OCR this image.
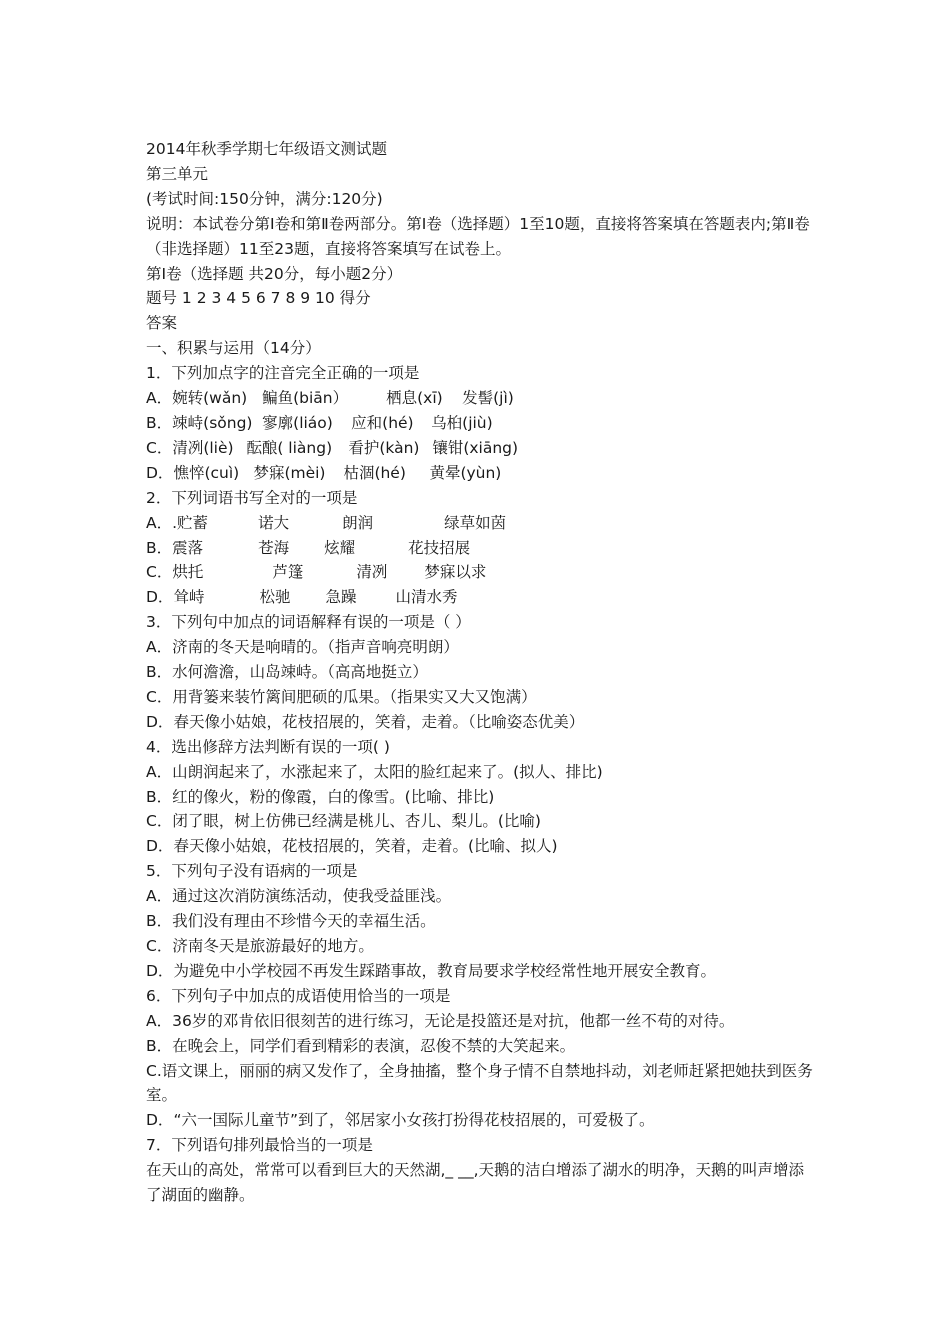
2014年秋季学期七年级语文测试题
第三单元
(考试时间:150分钟，满分:120分)
说明：本试卷分第Ⅰ卷和第Ⅱ卷两部分。第Ⅰ卷（选择题）1至10题，直接将答案填在答题表内;第Ⅱ卷（非选择题）11至23题，直接将答案填写在试卷上。
第Ⅰ卷（选择题 共20分，每小题2分）
题号 1 2 3 4 5 6 7 8 9 10 得分
答案
一、积累与运用（14分）
1．下列加点字的注音完全正确的一项是
A．婉转(wǎn) 鳊鱼(biān） 栖息(xī) 发髻(jì)
B．竦峙(sǒng) 寥廓(liáo) 应和(hé) 乌桕(jiù)
C．清冽(liè) 酝酿( liàng) 看护(kàn) 镶钳(xiāng)
D．憔悴(cuì) 梦寐(mèi) 枯涸(hé) 黄晕(yùn)
2．下列词语书写全对的一项是
A．.贮蓄	诺大	朗润	绿草如茵
B．震落	苍海 炫耀	花技招展
C．烘托	芦篷	清冽 梦寐以求
D．耸峙	松驰 急躁	山清水秀
3．下列句中加点的词语解释有误的一项是（ ）
A．济南的冬天是响晴的。（指声音响亮明朗）
B．水何澹澹，山岛竦峙。（高高地挺立）
C．用背篓来装竹篱间肥硕的瓜果。（指果实又大又饱满）
D．春天像小姑娘，花枝招展的，笑着，走着。（比喻姿态优美）
4．选出修辞方法判断有误的一项( )
A．山朗润起来了，水涨起来了，太阳的脸红起来了。(拟人、排比)
B．红的像火，粉的像霞，白的像雪。(比喻、排比)
C．闭了眼，树上仿佛已经满是桃儿、杏儿、梨儿。(比喻)
D．春天像小姑娘，花枝招展的，笑着，走着。(比喻、拟人)
5．下列句子没有语病的一项是
A．通过这次消防演练活动，使我受益匪浅。
B．我们没有理由不珍惜今天的幸福生活。
C．济南冬天是旅游最好的地方。
D．为避免中小学校园不再发生踩踏事故，教育局要求学校经常性地开展安全教育。
6．下列句子中加点的成语使用恰当的一项是
A．36岁的邓肯依旧很刻苦的进行练习，无论是投篮还是对抗，他都一丝不苟的对待。
B．在晚会上，同学们看到精彩的表演，忍俊不禁的大笑起来。
C.语文课上，丽丽的病又发作了，全身抽搐，整个身子情不自禁地抖动，刘老师赶紧把她扶到医务室。
D．“六一国际儿童节”到了，邻居家小女孩打扮得花枝招展的，可爱极了。
7．下列语句排列最恰当的一项是
在天山的高处，常常可以看到巨大的天然湖,_ __,天鹅的洁白增添了湖水的明净，天鹅的叫声增添了湖面的幽静。
